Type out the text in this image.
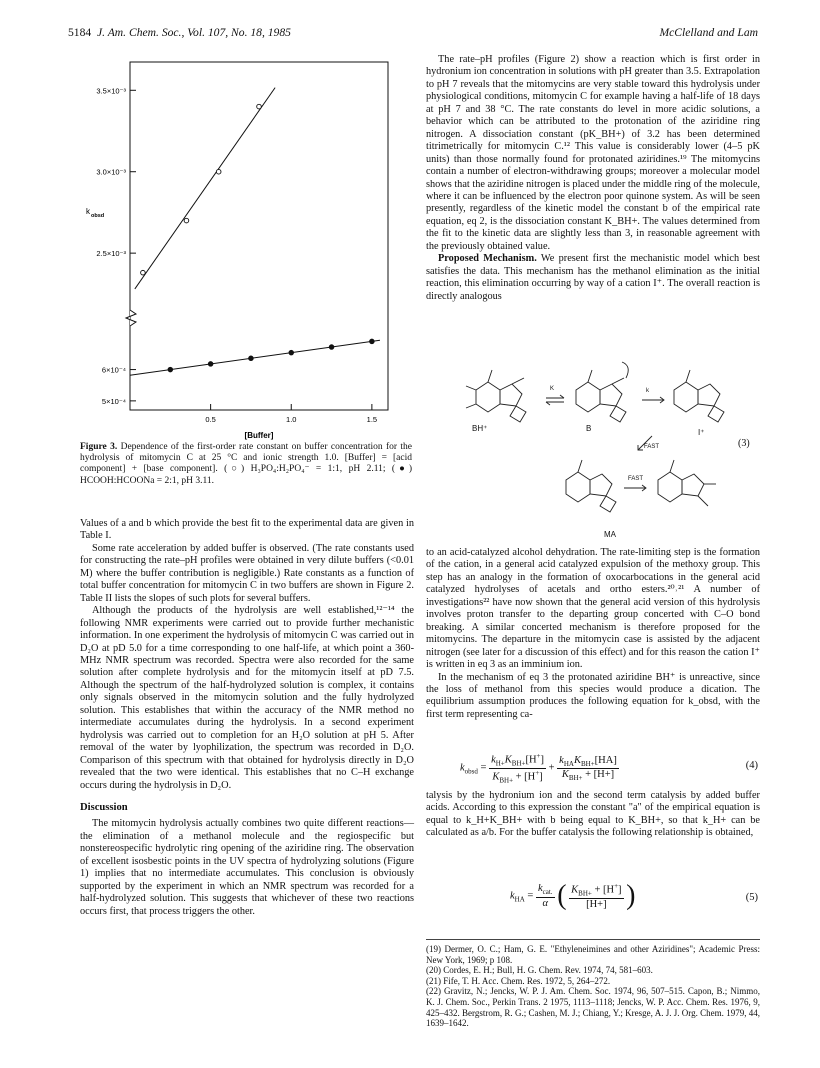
5184 J. Am. Chem. Soc., Vol. 107, No. 18, 1985	McClelland and Lam
3.5×10⁻³
3.0×10⁻³
2.5×10⁻³
6×10⁻⁴
5×10⁻⁴
0.5	1.0	1.5
k obsd
[Buffer]
Figure 3. Dependence of the first-order rate constant on buffer concentration for the hydrolysis of mitomycin C at 25 °C and ionic strength 1.0. [Buffer] = [acid component] + [base component]. (○) H₃PO₄:H₂PO₄⁻ = 1:1, pH 2.11; (●) HCOOH:HCOONa = 2:1, pH 3.11.

Values of a and b which provide the best fit to the experimental data are given in Table I.

Some rate acceleration by added buffer is observed. (The rate constants used for constructing the rate–pH profiles were obtained in very dilute buffers (<0.01 M) where the buffer contribution is negligible.) Rate constants as a function of total buffer concentration for mitomycin C in two buffers are shown in Figure 2. Table II lists the slopes of such plots for several buffers.

Although the products of the hydrolysis are well established,¹²⁻¹⁴ the following NMR experiments were carried out to provide further mechanistic information. In one experiment the hydrolysis of mitomycin C was carried out in D₂O at pD 5.0 for a time corresponding to one half-life, at which point a 360-MHz NMR spectrum was recorded. Spectra were also recorded for the same solution after complete hydrolysis and for the mitomycin itself at pD 7.5. Although the spectrum of the half-hydrolyzed solution is complex, it contains only signals observed in the mitomycin solution and the fully hydrolyzed solution. This establishes that within the accuracy of the NMR method no intermediate accumulates during the hydrolysis. In a second experiment hydrolysis was carried out to completion for an H₂O solution at pH 5. After removal of the water by lyophilization, the spectrum was recorded in D₂O. Comparison of this spectrum with that obtained for hydrolysis directly in D₂O revealed that the two were identical. This establishes that no C–H exchange occurs during the hydrolysis in D₂O.

Discussion

The mitomycin hydrolysis actually combines two quite different reactions—the elimination of a methanol molecule and the regiospecific but nonstereospecific hydrolytic ring opening of the aziridine ring. The observation of excellent isosbestic points in the UV spectra of hydrolyzing solutions (Figure 1) implies that no intermediate accumulates. This conclusion is obviously supported by the experiment in which an NMR spectrum was recorded for a half-hydrolyzed solution. This suggests that whichever of these two reactions occurs first, that process triggers the other.

The rate–pH profiles (Figure 2) show a reaction which is first order in hydronium ion concentration in solutions with pH greater than 3.5. Extrapolation to pH 7 reveals that the mitomycins are very stable toward this hydrolysis under physiological conditions, mitomycin C for example having a half-life of 18 days at pH 7 and 38 °C. The rate constants do level in more acidic solutions, a behavior which can be attributed to the protonation of the aziridine ring nitrogen. A dissociation constant (pK_BH+) of 3.2 has been determined titrimetrically for mitomycin C.¹² This value is considerably lower (4–5 pK units) than those normally found for protonated aziridines.¹⁹ The mitomycins contain a number of electron-withdrawing groups; moreover a molecular model shows that the aziridine nitrogen is placed under the middle ring of the molecule, where it can be influenced by the electron poor quinone system. As will be seen presently, regardless of the kinetic model the constant b of the empirical rate equation, eq 2, is the dissociation constant K_BH+. The values determined from the fit to the kinetic data are slightly less than 3, in reasonable agreement with the previously obtained value.

Proposed Mechanism. We present first the mechanistic model which best satisfies the data. This mechanism has the methanol elimination as the initial reaction, this elimination occurring by way of a cation I⁺. The overall reaction is directly analogous

BH⁺	B	I⁺
MA
FAST
FAST
(3)
K	k

to an acid-catalyzed alcohol dehydration. The rate-limiting step is the formation of the cation, in a general acid catalyzed expulsion of the methoxy group. This step has an analogy in the formation of oxocarbocations in the general acid catalyzed hydrolyses of acetals and ortho esters.²⁰˒²¹ A number of investigations²² have now shown that the general acid version of this hydrolysis involves proton transfer to the departing group concerted with C–O bond breaking. A similar concerted mechanism is therefore proposed for the mitomycins. The departure in the mitomycin case is assisted by the adjacent nitrogen (see later for a discussion of this effect) and for this reason the cation I⁺ is written in eq 3 as an imminium ion.

In the mechanism of eq 3 the protonated aziridine BH⁺ is unreactive, since the loss of methanol from this species would produce a dication. The equilibrium assumption produces the following equation for k_obsd, with the first term representing ca-

$k_{obsd} = \frac{k_{H+}K_{BH+}[H^+]}{K_{BH+} + [H^+]} + \frac{k_{HA}K_{BH+}[HA]}{K_{BH+} + [H+]}$	(4)

talysis by the hydronium ion and the second term catalysis by added buffer acids. According to this expression the constant "a" of the empirical equation is equal to k_H+K_BH+ with b being equal to K_BH+, so that k_H+ can be calculated as a/b. For the buffer catalysis the following relationship is obtained,

$k_{HA} = \frac{k_{cat.}}{\alpha}$ ( $\frac{K_{BH+} + [H^+]}{[H+]}$ )	(5)

(19) Dermer, O. C.; Ham, G. E. "Ethyleneimines and other Aziridines"; Academic Press: New York, 1969; p 108.

(20) Cordes, E. H.; Bull, H. G. Chem. Rev. 1974, 74, 581–603.

(21) Fife, T. H. Acc. Chem. Res. 1972, 5, 264–272.

(22) Gravitz, N.; Jencks, W. P. J. Am. Chem. Soc. 1974, 96, 507–515. Capon, B.; Nimmo, K. J. Chem. Soc., Perkin Trans. 2 1975, 1113–1118; Jencks, W. P. Acc. Chem. Res. 1976, 9, 425–432. Bergstrom, R. G.; Cashen, M. J.; Chiang, Y.; Kresge, A. J. J. Org. Chem. 1979, 44, 1639–1642.
